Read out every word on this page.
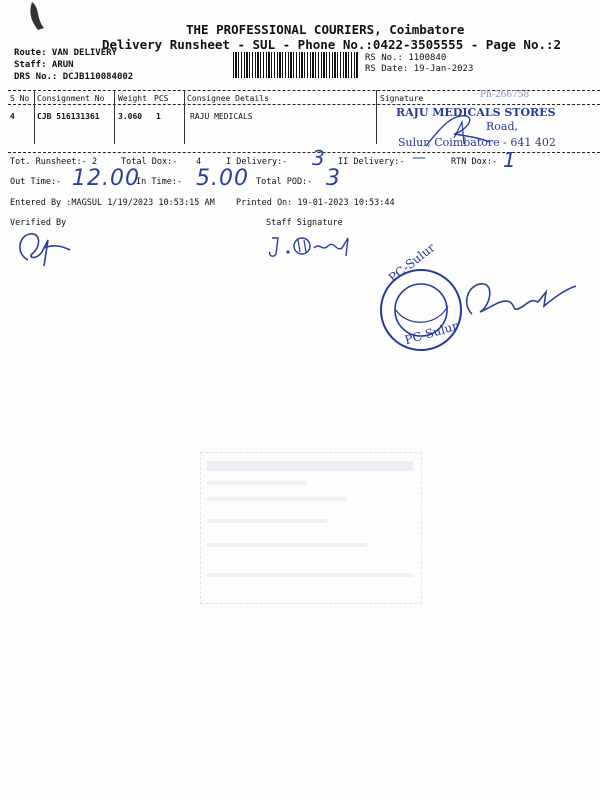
THE PROFESSIONAL COURIERS, Coimbatore
Delivery Runsheet - SUL - Phone No.:0422-3505555 - Page No.:2
Route: VAN DELIVERY
Staff: ARUN
DRS No.: DCJB110084002
RS No.: 1100840
RS Date: 19-Jan-2023
S No Consignment No Weight PCS Consignee Details	Signature
4	CJB 516131361 3.060 1	RAJU MEDICALS
Ph-266758
RAJU MEDICALS STORES
Road,
Sulur, Coimbatore - 641 402
Tot. Runsheet:- 2	Total Dox:- 4	I Delivery:- 3 II Delivery:- —	RTN Dox:- 1
Out Time:- 12.00
In Time:- 5.00 Total POD:- 3
Entered By :MAGSUL 1/19/2023 10:53:15 AM	Printed On: 19-01-2023 10:53:44
Verified By	Staff Signature
PC-Sulur
PC-Sulur
